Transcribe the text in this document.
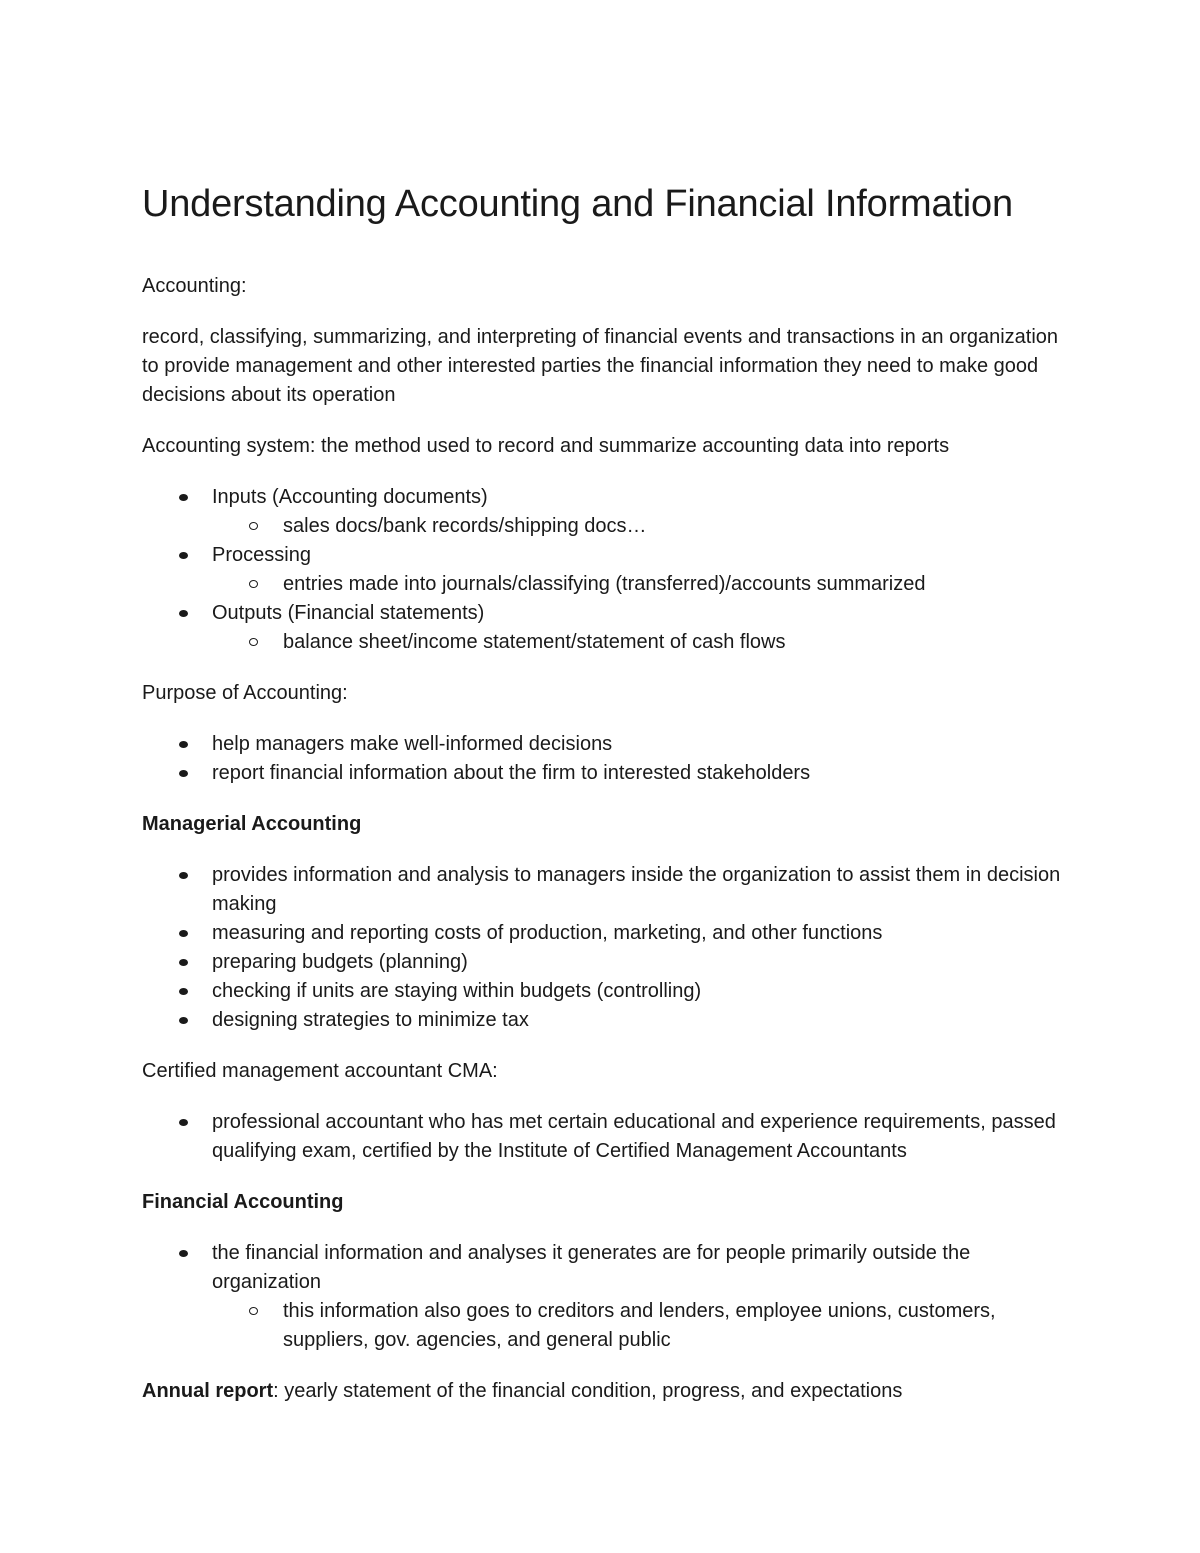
Understanding Accounting and Financial Information

Accounting:

record, classifying, summarizing, and interpreting of financial events and transactions in an organization to provide management and other interested parties the financial information they need to make good decisions about its operation

Accounting system: the method used to record and summarize accounting data into reports

Inputs (Accounting documents)
sales docs/bank records/shipping docs…
Processing
entries made into journals/classifying (transferred)/accounts summarized
Outputs (Financial statements)
balance sheet/income statement/statement of cash flows

Purpose of Accounting:

help managers make well-informed decisions
report financial information about the firm to interested stakeholders

Managerial Accounting

provides information and analysis to managers inside the organization to assist them in decision making
measuring and reporting costs of production, marketing, and other functions
preparing budgets (planning)
checking if units are staying within budgets (controlling)
designing strategies to minimize tax

Certified management accountant CMA:

professional accountant who has met certain educational and experience requirements, passed qualifying exam, certified by the Institute of Certified Management Accountants

Financial Accounting

the financial information and analyses it generates are for people primarily outside the organization
this information also goes to creditors and lenders, employee unions, customers, suppliers, gov. agencies, and general public

Annual report: yearly statement of the financial condition, progress, and expectations
